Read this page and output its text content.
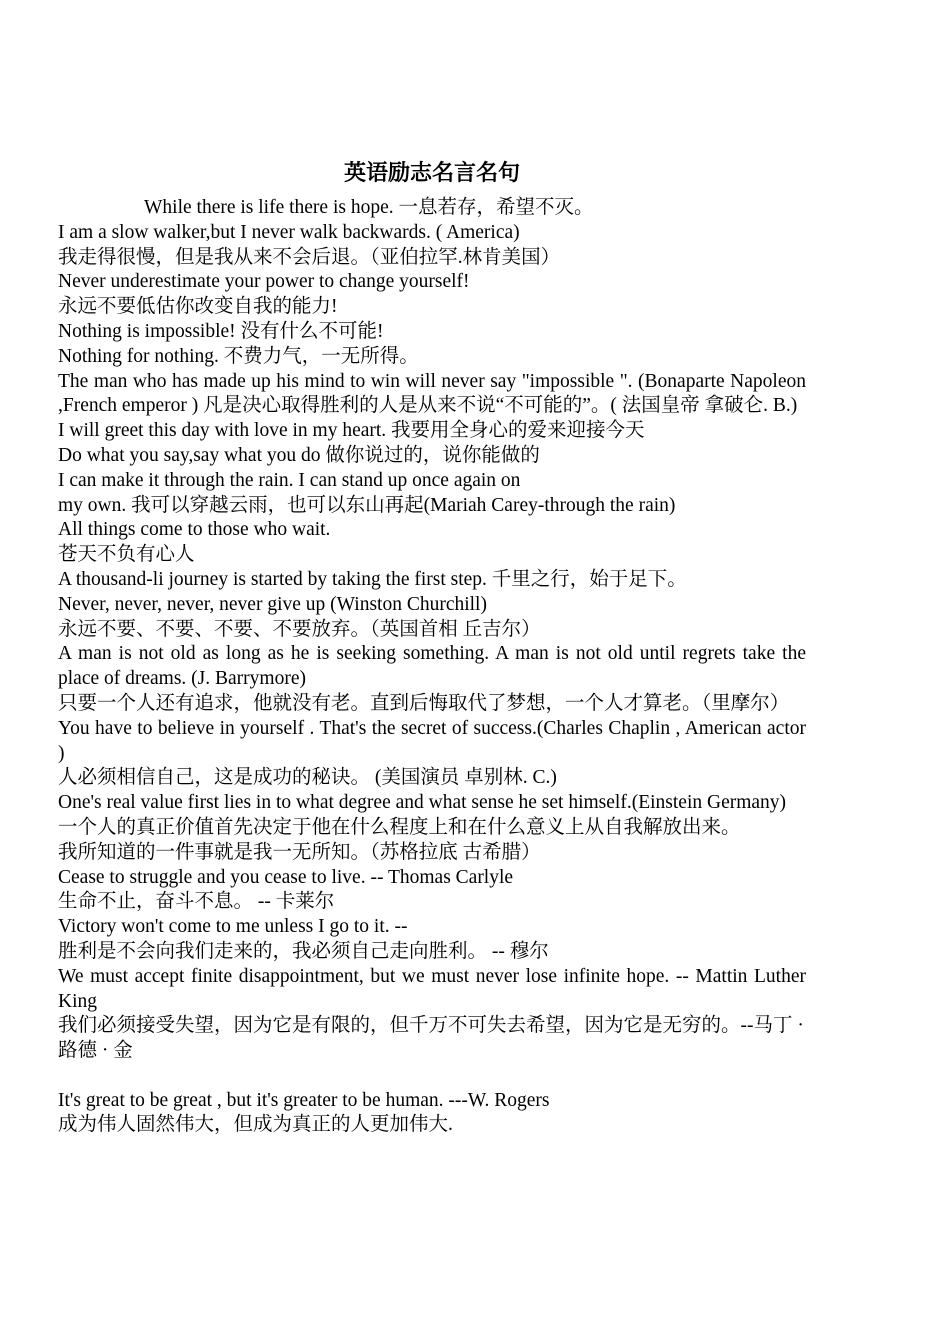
英语励志名言名句

While there is life there is hope. 一息若存，希望不灭。

I am a slow walker,but I never walk backwards. ( America)

我走得很慢，但是我从来不会后退。（亚伯拉罕.林肯美国）

Never underestimate your power to change yourself!

永远不要低估你改变自我的能力!

Nothing is impossible! 没有什么不可能!

Nothing for nothing. 不费力气，一无所得。

The man who has made up his mind to win will never say "impossible ". (Bonaparte Napoleon ,French emperor ) 凡是决心取得胜利的人是从来不说“不可能的”。( 法国皇帝 拿破仑. B.)

I will greet this day with love in my heart. 我要用全身心的爱来迎接今天

Do what you say,say what you do 做你说过的，说你能做的

I can make it through the rain. I can stand up once again on

my own. 我可以穿越云雨，也可以东山再起(Mariah Carey-through the rain)

All things come to those who wait.

苍天不负有心人

A thousand-li journey is started by taking the first step. 千里之行，始于足下。

Never, never, never, never give up (Winston Churchill)

永远不要、不要、不要、不要放弃。（英国首相 丘吉尔）

A man is not old as long as he is seeking something. A man is not old until regrets take the place of dreams. (J. Barrymore)

只要一个人还有追求，他就没有老。直到后悔取代了梦想，一个人才算老。（里摩尔）

You have to believe in yourself . That's the secret of success.(Charles Chaplin , American actor )

人必须相信自己，这是成功的秘诀。 (美国演员 卓别林. C.)

One's real value first lies in to what degree and what sense he set himself.(Einstein Germany)

一个人的真正价值首先决定于他在什么程度上和在什么意义上从自我解放出来。

我所知道的一件事就是我一无所知。（苏格拉底 古希腊）

Cease to struggle and you cease to live. -- Thomas Carlyle

生命不止，奋斗不息。 -- 卡莱尔

Victory won't come to me unless I go to it. --

胜利是不会向我们走来的，我必须自己走向胜利。 -- 穆尔

We must accept finite disappointment, but we must never lose infinite hope. -- Mattin Luther King

我们必须接受失望，因为它是有限的，但千万不可失去希望，因为它是无穷的。--马丁 · 路德 · 金

It's great to be great , but it's greater to be human. ---W. Rogers

成为伟人固然伟大，但成为真正的人更加伟大.
